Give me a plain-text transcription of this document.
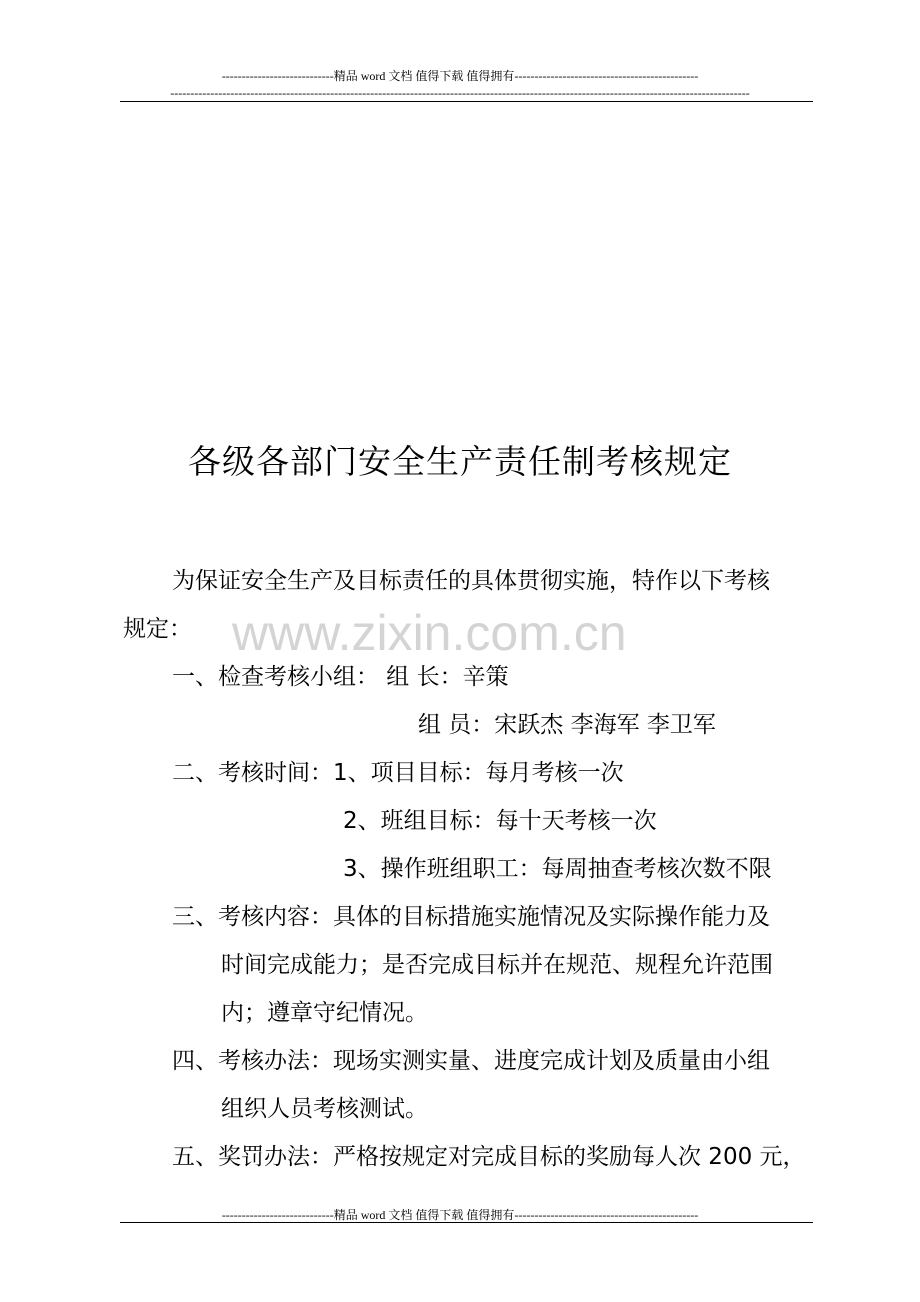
----------------------------精品 word 文档 值得下载 值得拥有----------------------------------------------
-------------------------------------------------------------------------------------------------------------------------------------------------
各级各部门安全生产责任制考核规定
www.zixin.com.cn
为保证安全生产及目标责任的具体贯彻实施，特作以下考核
规定：
一、检查考核小组： 组 长：辛策
组 员：宋跃杰 李海军 李卫军
二、考核时间：1、项目目标：每月考核一次
2、班组目标：每十天考核一次
3、操作班组职工：每周抽查考核次数不限
三、考核内容：具体的目标措施实施情况及实际操作能力及
时间完成能力；是否完成目标并在规范、规程允许范围
内；遵章守纪情况。
四、考核办法：现场实测实量、进度完成计划及质量由小组
组织人员考核测试。
五、奖罚办法：严格按规定对完成目标的奖励每人次 200 元，
----------------------------精品 word 文档 值得下载 值得拥有----------------------------------------------
